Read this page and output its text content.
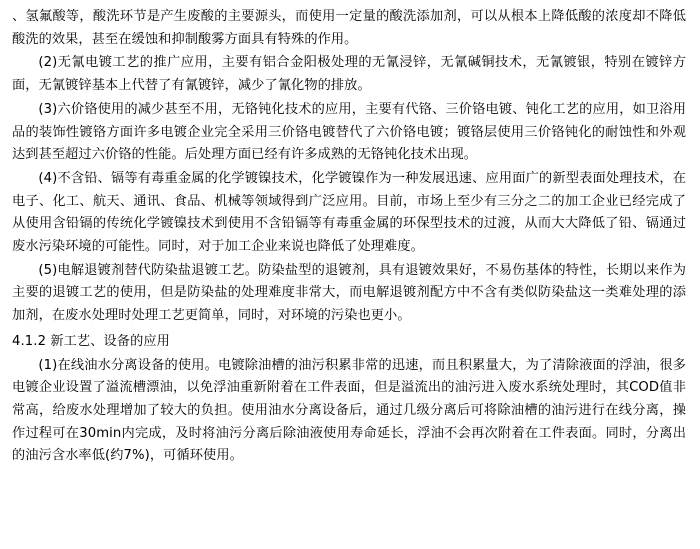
、氢氟酸等，酸洗环节是产生废酸的主要源头，而使用一定量的酸洗添加剂，可以从根本上降低酸的浓度却不降低酸洗的效果，甚至在缓蚀和抑制酸雾方面具有特殊的作用。

(2)无氰电镀工艺的推广应用，主要有铝合金阳极处理的无氰浸锌，无氰碱铜技术，无氰镀银，特别在镀锌方面，无氰镀锌基本上代替了有氰镀锌，减少了氰化物的排放。

(3)六价铬使用的减少甚至不用，无铬钝化技术的应用，主要有代铬、三价铬电镀、钝化工艺的应用，如卫浴用品的装饰性镀铬方面许多电镀企业完全采用三价铬电镀替代了六价铬电镀；镀铬层使用三价铬钝化的耐蚀性和外观达到甚至超过六价铬的性能。后处理方面已经有许多成熟的无铬钝化技术出现。

(4)不含铅、镉等有毒重金属的化学镀镍技术，化学镀镍作为一种发展迅速、应用面广的新型表面处理技术，在电子、化工、航天、通讯、食品、机械等领域得到广泛应用。目前，市场上至少有三分之二的加工企业已经完成了从使用含铅镉的传统化学镀镍技术到使用不含铅镉等有毒重金属的环保型技术的过渡，从而大大降低了铅、镉通过废水污染环境的可能性。同时，对于加工企业来说也降低了处理难度。

(5)电解退镀剂替代防染盐退镀工艺。防染盐型的退镀剂，具有退镀效果好，不易伤基体的特性，长期以来作为主要的退镀工艺的使用，但是防染盐的处理难度非常大，而电解退镀剂配方中不含有类似防染盐这一类难处理的添加剂，在废水处理时处理工艺更简单，同时，对环境的污染也更小。

4.1.2 新工艺、设备的应用

(1)在线油水分离设备的使用。电镀除油槽的油污积累非常的迅速，而且积累量大，为了清除液面的浮油，很多电镀企业设置了溢流槽漂油，以免浮油重新附着在工件表面，但是溢流出的油污进入废水系统处理时，其COD值非常高，给废水处理增加了较大的负担。使用油水分离设备后，通过几级分离后可将除油槽的油污进行在线分离，操作过程可在30min内完成，及时将油污分离后除油液使用寿命延长，浮油不会再次附着在工件表面。同时，分离出的油污含水率低(约7%)，可循环使用。
